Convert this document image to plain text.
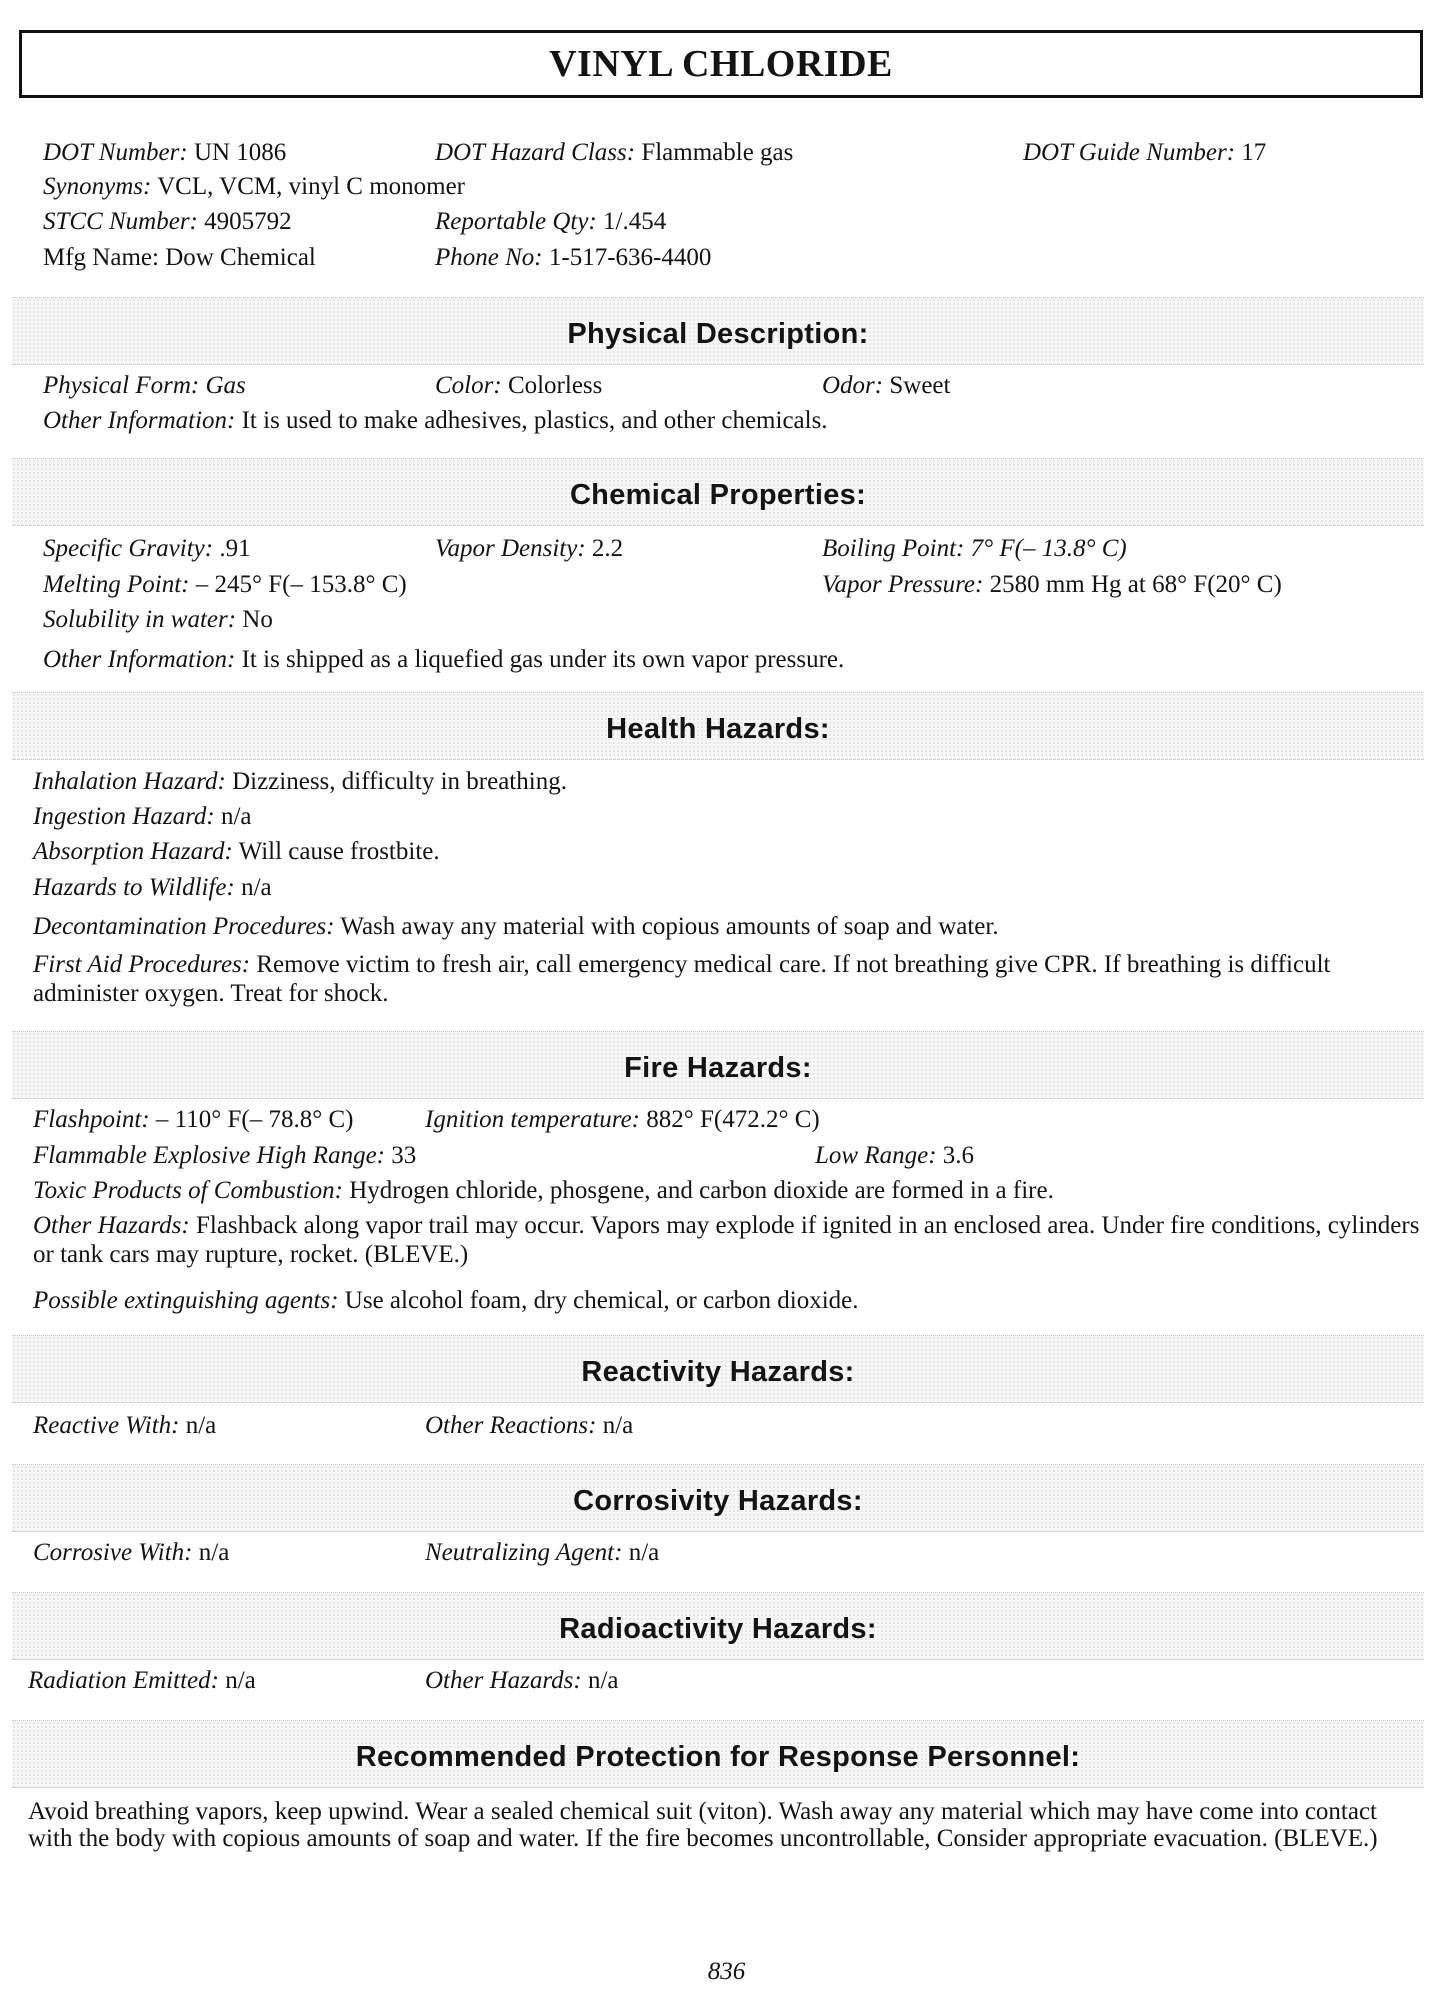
VINYL CHLORIDE
DOT Number: UN 1086	DOT Hazard Class: Flammable gas	DOT Guide Number: 17
Synonyms: VCL, VCM, vinyl C monomer
STCC Number: 4905792	Reportable Qty: 1/.454
Mfg Name: Dow Chemical	Phone No: 1-517-636-4400
Physical Description:
Physical Form: Gas	Color: Colorless	Odor: Sweet
Other Information: It is used to make adhesives, plastics, and other chemicals.
Chemical Properties:
Specific Gravity: .91	Vapor Density: 2.2	Boiling Point: 7° F(– 13.8° C)
Melting Point: – 245° F(– 153.8° C)	Vapor Pressure: 2580 mm Hg at 68° F(20° C)
Solubility in water: No
Other Information: It is shipped as a liquefied gas under its own vapor pressure.
Health Hazards:
Inhalation Hazard: Dizziness, difficulty in breathing.
Ingestion Hazard: n/a
Absorption Hazard: Will cause frostbite.
Hazards to Wildlife: n/a
Decontamination Procedures: Wash away any material with copious amounts of soap and water.
First Aid Procedures: Remove victim to fresh air, call emergency medical care. If not breathing give CPR. If breathing is difficult administer oxygen. Treat for shock.
Fire Hazards:
Flashpoint: – 110° F(– 78.8° C)	Ignition temperature: 882° F(472.2° C)
Flammable Explosive High Range: 33	Low Range: 3.6
Toxic Products of Combustion: Hydrogen chloride, phosgene, and carbon dioxide are formed in a fire.
Other Hazards: Flashback along vapor trail may occur. Vapors may explode if ignited in an enclosed area. Under fire conditions, cylinders or tank cars may rupture, rocket. (BLEVE.)
Possible extinguishing agents: Use alcohol foam, dry chemical, or carbon dioxide.
Reactivity Hazards:
Reactive With: n/a	Other Reactions: n/a
Corrosivity Hazards:
Corrosive With: n/a	Neutralizing Agent: n/a
Radioactivity Hazards:
Radiation Emitted: n/a	Other Hazards: n/a
Recommended Protection for Response Personnel:
Avoid breathing vapors, keep upwind. Wear a sealed chemical suit (viton). Wash away any material which may have come into contact with the body with copious amounts of soap and water. If the fire becomes uncontrollable, Consider appropriate evacuation. (BLEVE.)
836
